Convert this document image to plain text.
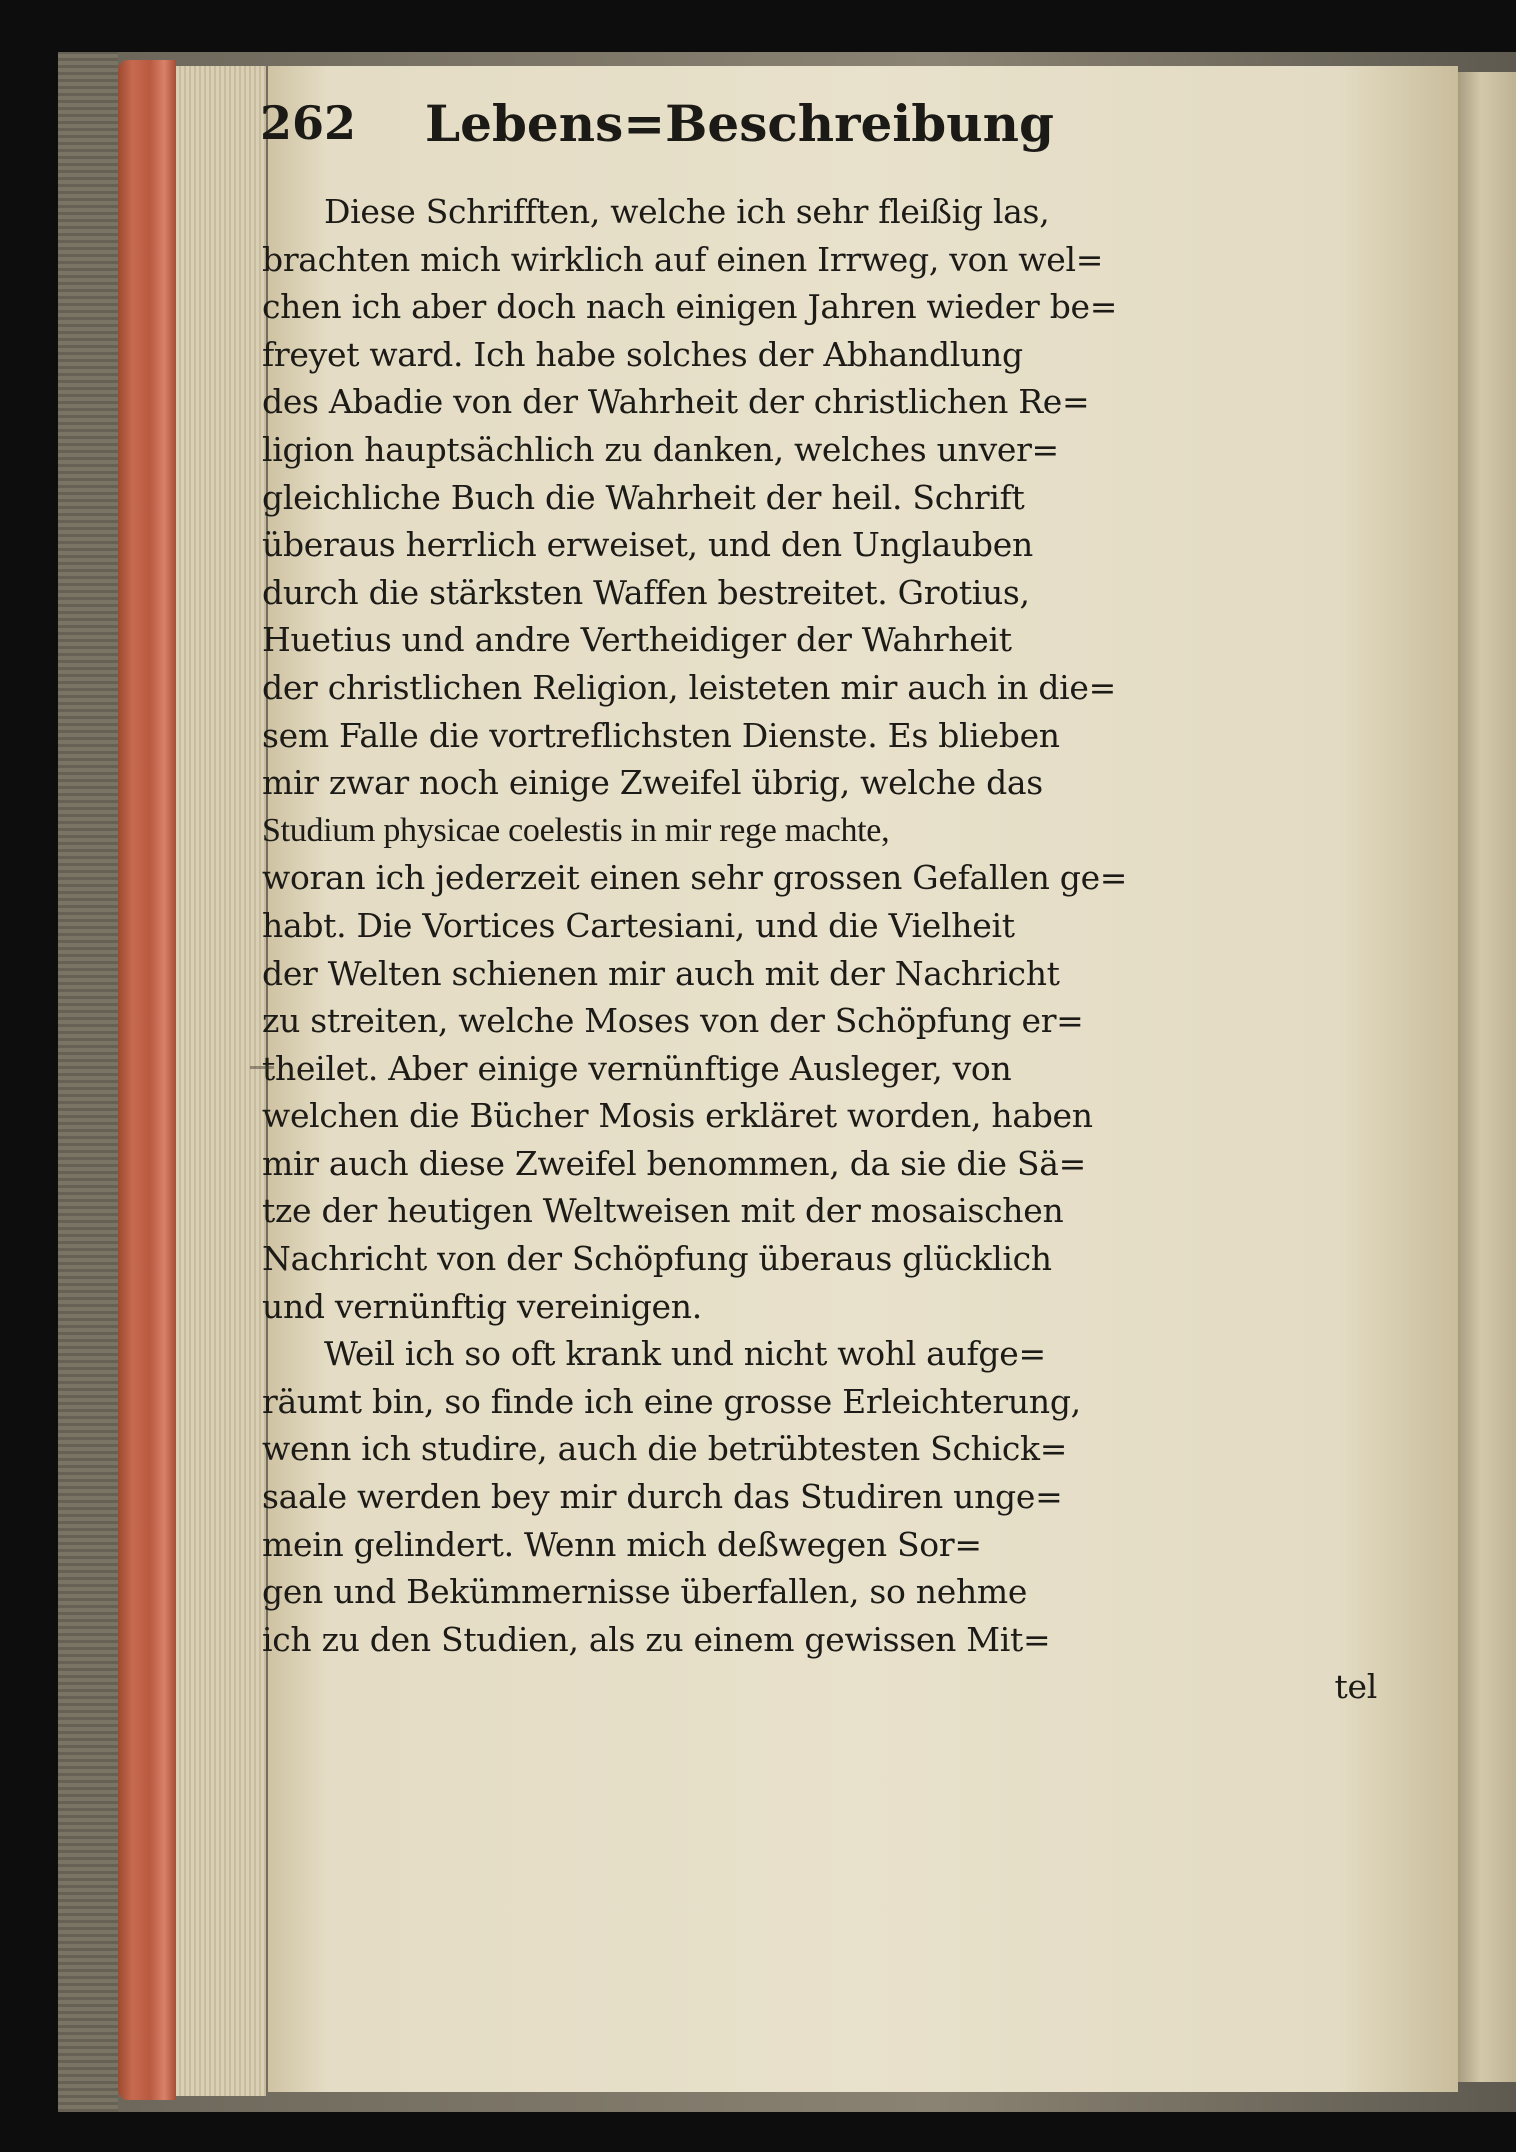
262 Lebens=Beschreibung
Diese Schrifften, welche ich sehr fleißig las,
brachten mich wirklich auf einen Irrweg, von wel=
chen ich aber doch nach einigen Jahren wieder be=
freyet ward. Ich habe solches der Abhandlung
des Abadie von der Wahrheit der christlichen Re=
ligion hauptsächlich zu danken, welches unver=
gleichliche Buch die Wahrheit der heil. Schrift
überaus herrlich erweiset, und den Unglauben
durch die stärksten Waffen bestreitet. Grotius,
Huetius und andre Vertheidiger der Wahrheit
der christlichen Religion, leisteten mir auch in die=
sem Falle die vortreflichsten Dienste. Es blieben
mir zwar noch einige Zweifel übrig, welche das
Studium physicae coelestis in mir rege machte,
woran ich jederzeit einen sehr grossen Gefallen ge=
habt. Die Vortices Cartesiani, und die Vielheit
der Welten schienen mir auch mit der Nachricht
zu streiten, welche Moses von der Schöpfung er=
theilet. Aber einige vernünftige Ausleger, von
welchen die Bücher Mosis erkläret worden, haben
mir auch diese Zweifel benommen, da sie die Sä=
tze der heutigen Weltweisen mit der mosaischen
Nachricht von der Schöpfung überaus glücklich
und vernünftig vereinigen.
Weil ich so oft krank und nicht wohl aufge=
räumt bin, so finde ich eine grosse Erleichterung,
wenn ich studire, auch die betrübtesten Schick=
saale werden bey mir durch das Studiren unge=
mein gelindert. Wenn mich deßwegen Sor=
gen und Bekümmernisse überfallen, so nehme
ich zu den Studien, als zu einem gewissen Mit=
tel
